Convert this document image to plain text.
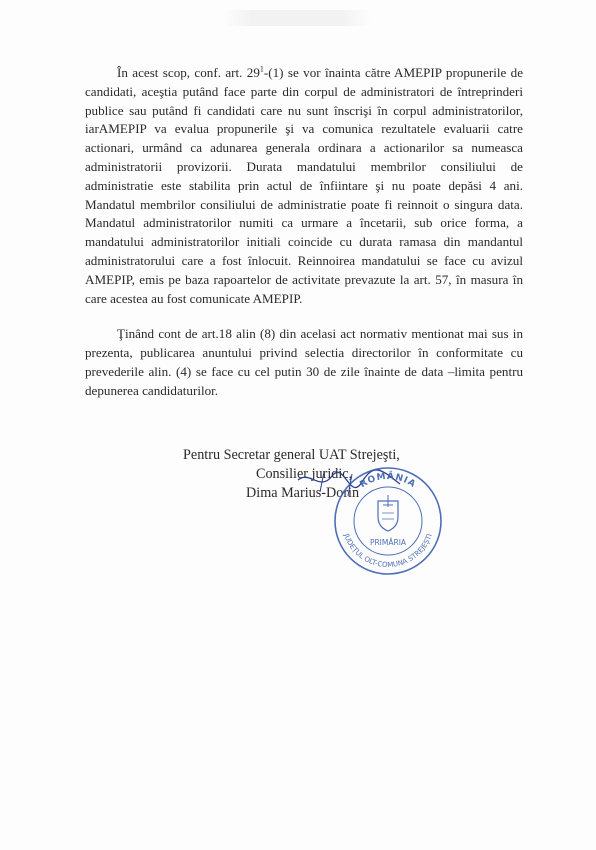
În acest scop, conf. art. $29^1-(1)$ se vor înainta către AMEPIP propunerile de candidati, aceştia putând face parte din corpul de administratori de întreprinderi publice sau putând fi candidati care nu sunt înscrişi în corpul administratorilor, iarAMEPIP va evalua propunerile şi va comunica rezultatele evaluarii catre actionari, urmând ca adunarea generala ordinara a actionarilor sa numeasca administratorii provizorii. Durata mandatului membrilor consiliului de administratie este stabilita prin actul de înfiintare şi nu poate depăsi 4 ani. Mandatul membrilor consiliului de administratie poate fi reinnoit o singura data. Mandatul administratorilor numiti ca urmare a încetarii, sub orice forma, a mandatului administratorilor initiali coincide cu durata ramasa din mandantul administratorului care a fost înlocuit. Reinnoirea mandatului se face cu avizul AMEPIP, emis pe baza rapoartelor de activitate prevazute la art. 57, în masura în care acestea au fost comunicate AMEPIP.

Ţinând cont de art.18 alin (8) din acelasi act normativ mentionat mai sus in prezenta, publicarea anuntului privind selectia directorilor în conformitate cu prevederile alin. (4) se face cu cel putin 30 de zile înainte de data –limita pentru depunerea candidaturilor.

Pentru Secretar general UAT Strejeşti,
Consilier juridic,
Dima Marius-Dorin
ROMÂNIA
JUDEȚUL OLT-COMUNA STREJEȘTI
PRIMĂRIA
